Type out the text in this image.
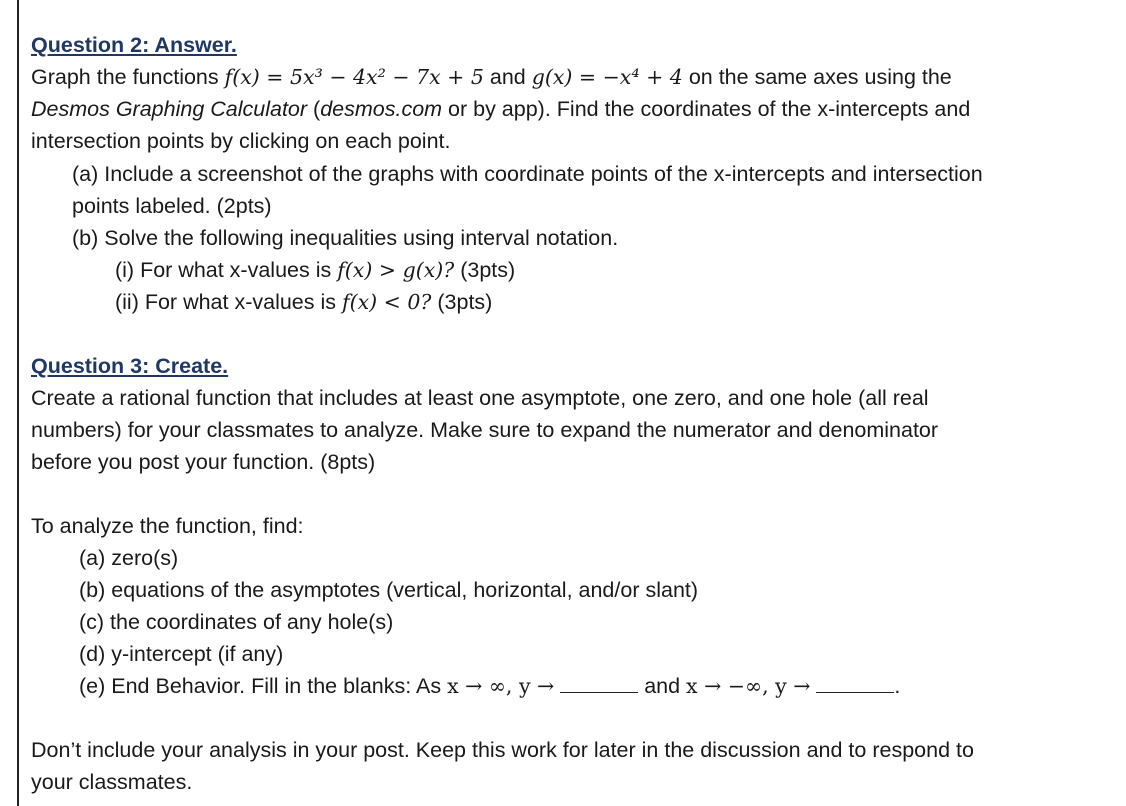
Question 2: Answer.
Graph the functions f(x) = 5x³ − 4x² − 7x + 5 and g(x) = −x⁴ + 4 on the same axes using the
Desmos Graphing Calculator (desmos.com or by app). Find the coordinates of the x-intercepts and
intersection points by clicking on each point.
(a) Include a screenshot of the graphs with coordinate points of the x-intercepts and intersection
points labeled. (2pts)
(b) Solve the following inequalities using interval notation.
(i) For what x-values is f(x) > g(x)? (3pts)
(ii) For what x-values is f(x) < 0? (3pts)
Question 3: Create.
Create a rational function that includes at least one asymptote, one zero, and one hole (all real
numbers) for your classmates to analyze. Make sure to expand the numerator and denominator
before you post your function. (8pts)
To analyze the function, find:
(a) zero(s)
(b) equations of the asymptotes (vertical, horizontal, and/or slant)
(c) the coordinates of any hole(s)
(d) y-intercept (if any)
(e) End Behavior. Fill in the blanks: As x → ∞, y →	and x → −∞, y →	.
Don’t include your analysis in your post. Keep this work for later in the discussion and to respond to
your classmates.
